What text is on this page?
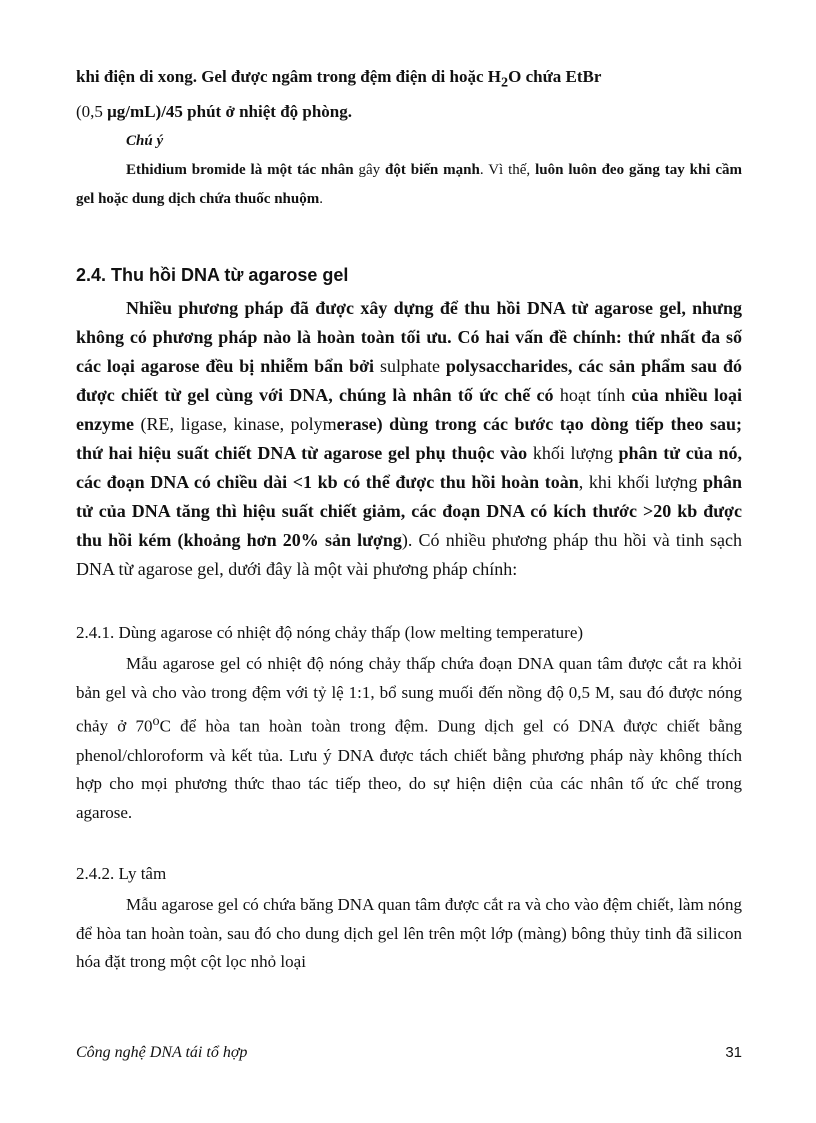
khi điện di xong. Gel được ngâm trong đệm điện di hoặc $H_2O$ chứa EtBr
(0,5 μg/mL)/45 phút ở nhiệt độ phòng.

Chú ý

Ethidium bromide là một tác nhân gây đột biến mạnh. Vì thế, luôn luôn đeo găng tay khi cầm gel hoặc dung dịch chứa thuốc nhuộm.

2.4. Thu hồi DNA từ agarose gel

Nhiều phương pháp đã được xây dựng để thu hồi DNA từ agarose gel, nhưng không có phương pháp nào là hoàn toàn tối ưu. Có hai vấn đề chính: thứ nhất đa số các loại agarose đều bị nhiễm bẩn bởi sulphate polysaccharides, các sản phẩm sau đó được chiết từ gel cùng với DNA, chúng là nhân tố ức chế có hoạt tính của nhiều loại enzyme (RE, ligase, kinase, polymerase) dùng trong các bước tạo dòng tiếp theo sau; thứ hai hiệu suất chiết DNA từ agarose gel phụ thuộc vào khối lượng phân tử của nó, các đoạn DNA có chiều dài <1 kb có thể được thu hồi hoàn toàn, khi khối lượng phân tử của DNA tăng thì hiệu suất chiết giảm, các đoạn DNA có kích thước >20 kb được thu hồi kém (khoảng hơn 20% sản lượng). Có nhiều phương pháp thu hồi và tinh sạch DNA từ agarose gel, dưới đây là một vài phương pháp chính:

2.4.1. Dùng agarose có nhiệt độ nóng chảy thấp (low melting temperature)

Mẫu agarose gel có nhiệt độ nóng chảy thấp chứa đoạn DNA quan tâm được cắt ra khỏi bản gel và cho vào trong đệm với tỷ lệ 1:1, bổ sung muối đến nồng độ 0,5 M, sau đó được nóng chảy ở 70$^o$C để hòa tan hoàn toàn trong đệm. Dung dịch gel có DNA được chiết bằng phenol/chloroform và kết tủa. Lưu ý DNA được tách chiết bằng phương pháp này không thích hợp cho mọi phương thức thao tác tiếp theo, do sự hiện diện của các nhân tố ức chế trong agarose.

2.4.2. Ly tâm

Mẫu agarose gel có chứa băng DNA quan tâm được cắt ra và cho vào đệm chiết, làm nóng để hòa tan hoàn toàn, sau đó cho dung dịch gel lên trên một lớp (màng) bông thủy tinh đã silicon hóa đặt trong một cột lọc nhỏ loại

Công nghệ DNA tái tổ hợp	31
